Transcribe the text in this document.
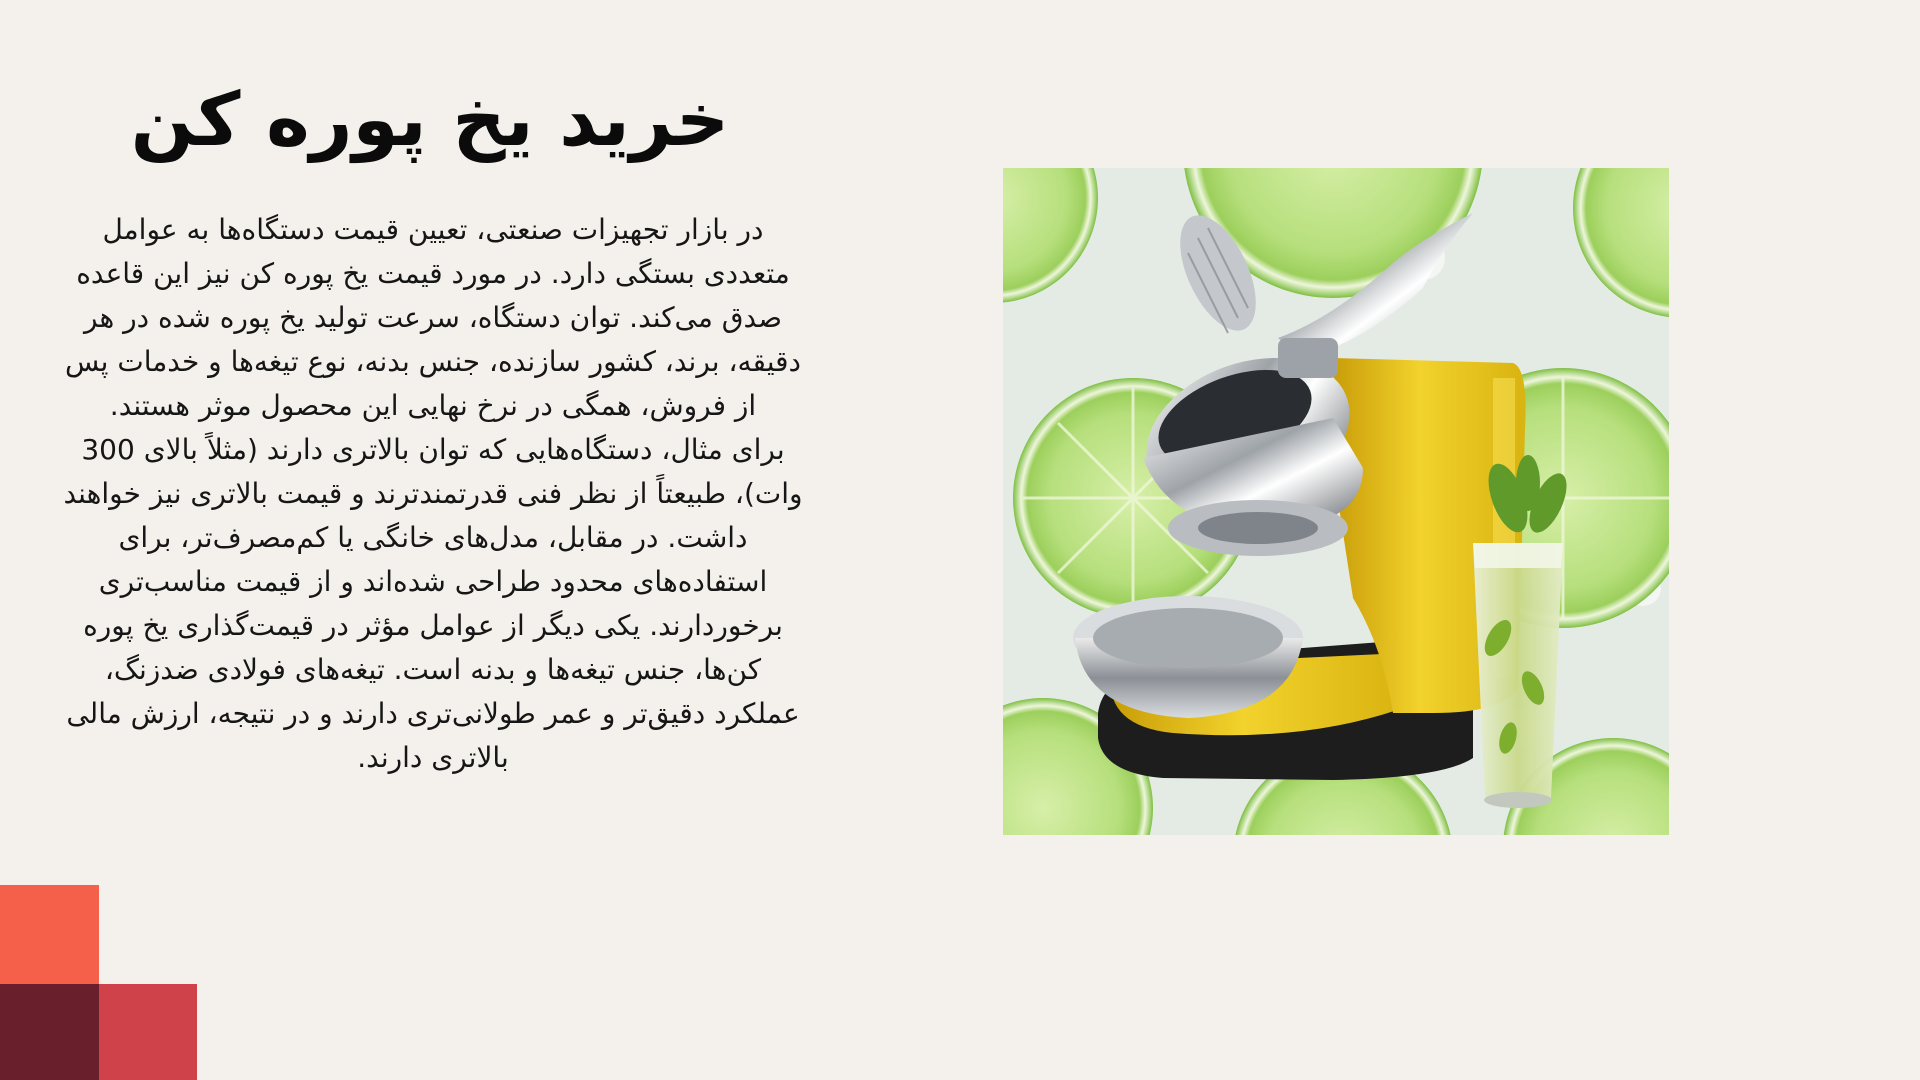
خرید یخ پوره کن

در بازار تجهیزات صنعتی، تعیین قیمت دستگاه‌ها به عوامل متعددی بستگی دارد. در مورد قیمت یخ پوره کن نیز این قاعده صدق می‌کند. توان دستگاه، سرعت تولید یخ پوره شده در هر دقیقه، برند، کشور سازنده، جنس بدنه، نوع تیغه‌ها و خدمات پس از فروش، همگی در نرخ نهایی این محصول موثر هستند.

برای مثال، دستگاه‌هایی که توان بالاتری دارند (مثلاً بالای 300 وات)، طبیعتاً از نظر فنی قدرتمندترند و قیمت بالاتری نیز خواهند داشت. در مقابل، مدل‌های خانگی یا کم‌مصرف‌تر، برای استفاده‌های محدود طراحی شده‌اند و از قیمت مناسب‌تری برخوردارند. یکی دیگر از عوامل مؤثر در قیمت‌گذاری یخ پوره کن‌ها، جنس تیغه‌ها و بدنه است. تیغه‌های فولادی ضدزنگ، عملکرد دقیق‌تر و عمر طولانی‌تری دارند و در نتیجه، ارزش مالی بالاتری دارند.
